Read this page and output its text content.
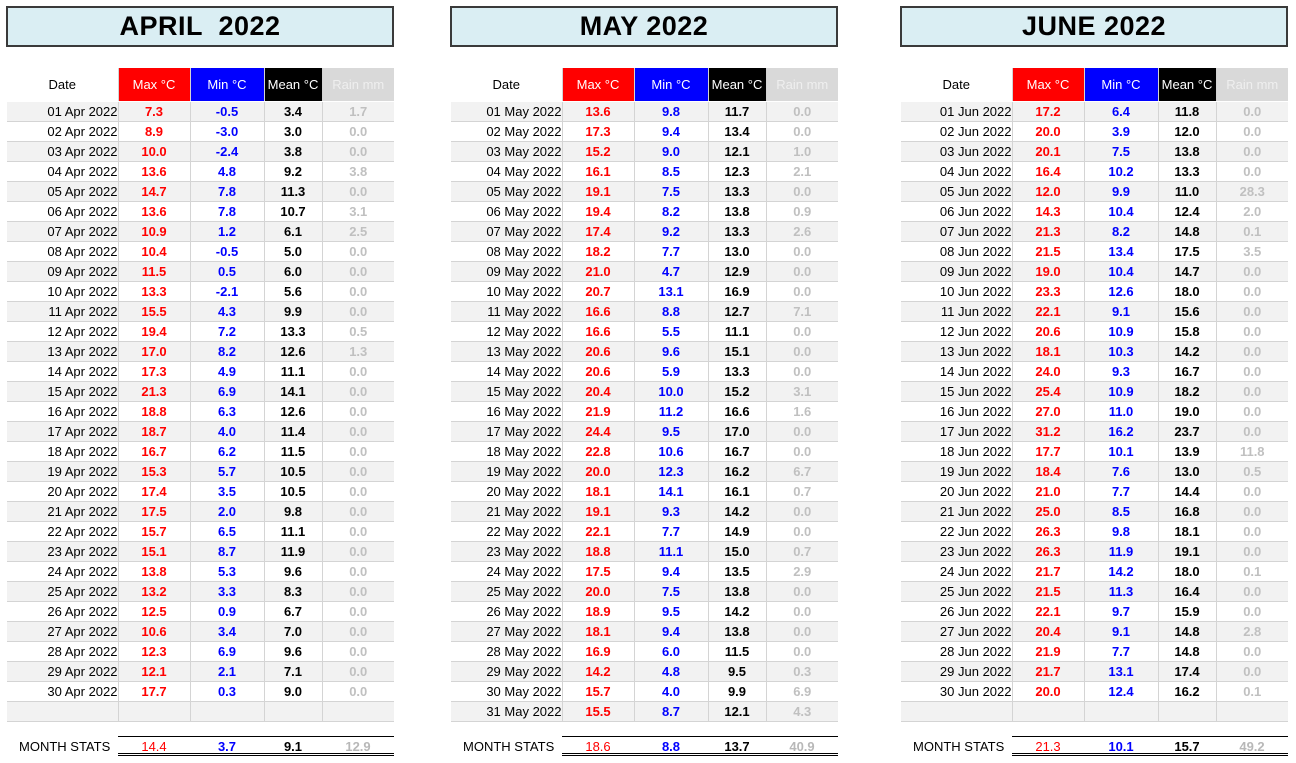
APRIL  2022
Date	Max °C	Min °C	Mean °C	Rain mm
01 Apr 2022	7.3	-0.5	3.4	1.7
02 Apr 2022	8.9	-3.0	3.0	0.0
03 Apr 2022	10.0	-2.4	3.8	0.0
04 Apr 2022	13.6	4.8	9.2	3.8
05 Apr 2022	14.7	7.8	11.3	0.0
06 Apr 2022	13.6	7.8	10.7	3.1
07 Apr 2022	10.9	1.2	6.1	2.5
08 Apr 2022	10.4	-0.5	5.0	0.0
09 Apr 2022	11.5	0.5	6.0	0.0
10 Apr 2022	13.3	-2.1	5.6	0.0
11 Apr 2022	15.5	4.3	9.9	0.0
12 Apr 2022	19.4	7.2	13.3	0.5
13 Apr 2022	17.0	8.2	12.6	1.3
14 Apr 2022	17.3	4.9	11.1	0.0
15 Apr 2022	21.3	6.9	14.1	0.0
16 Apr 2022	18.8	6.3	12.6	0.0
17 Apr 2022	18.7	4.0	11.4	0.0
18 Apr 2022	16.7	6.2	11.5	0.0
19 Apr 2022	15.3	5.7	10.5	0.0
20 Apr 2022	17.4	3.5	10.5	0.0
21 Apr 2022	17.5	2.0	9.8	0.0
22 Apr 2022	15.7	6.5	11.1	0.0
23 Apr 2022	15.1	8.7	11.9	0.0
24 Apr 2022	13.8	5.3	9.6	0.0
25 Apr 2022	13.2	3.3	8.3	0.0
26 Apr 2022	12.5	0.9	6.7	0.0
27 Apr 2022	10.6	3.4	7.0	0.0
28 Apr 2022	12.3	6.9	9.6	0.0
29 Apr 2022	12.1	2.1	7.1	0.0
30 Apr 2022	17.7	0.3	9.0	0.0

MONTH STATS	14.4	3.7	9.1	12.9
MAY 2022
Date	Max °C	Min °C	Mean °C	Rain mm
01 May 2022	13.6	9.8	11.7	0.0
02 May 2022	17.3	9.4	13.4	0.0
03 May 2022	15.2	9.0	12.1	1.0
04 May 2022	16.1	8.5	12.3	2.1
05 May 2022	19.1	7.5	13.3	0.0
06 May 2022	19.4	8.2	13.8	0.9
07 May 2022	17.4	9.2	13.3	2.6
08 May 2022	18.2	7.7	13.0	0.0
09 May 2022	21.0	4.7	12.9	0.0
10 May 2022	20.7	13.1	16.9	0.0
11 May 2022	16.6	8.8	12.7	7.1
12 May 2022	16.6	5.5	11.1	0.0
13 May 2022	20.6	9.6	15.1	0.0
14 May 2022	20.6	5.9	13.3	0.0
15 May 2022	20.4	10.0	15.2	3.1
16 May 2022	21.9	11.2	16.6	1.6
17 May 2022	24.4	9.5	17.0	0.0
18 May 2022	22.8	10.6	16.7	0.0
19 May 2022	20.0	12.3	16.2	6.7
20 May 2022	18.1	14.1	16.1	0.7
21 May 2022	19.1	9.3	14.2	0.0
22 May 2022	22.1	7.7	14.9	0.0
23 May 2022	18.8	11.1	15.0	0.7
24 May 2022	17.5	9.4	13.5	2.9
25 May 2022	20.0	7.5	13.8	0.0
26 May 2022	18.9	9.5	14.2	0.0
27 May 2022	18.1	9.4	13.8	0.0
28 May 2022	16.9	6.0	11.5	0.0
29 May 2022	14.2	4.8	9.5	0.3
30 May 2022	15.7	4.0	9.9	6.9
31 May 2022	15.5	8.7	12.1	4.3
MONTH STATS	18.6	8.8	13.7	40.9
JUNE 2022
Date	Max °C	Min °C	Mean °C	Rain mm
01 Jun 2022	17.2	6.4	11.8	0.0
02 Jun 2022	20.0	3.9	12.0	0.0
03 Jun 2022	20.1	7.5	13.8	0.0
04 Jun 2022	16.4	10.2	13.3	0.0
05 Jun 2022	12.0	9.9	11.0	28.3
06 Jun 2022	14.3	10.4	12.4	2.0
07 Jun 2022	21.3	8.2	14.8	0.1
08 Jun 2022	21.5	13.4	17.5	3.5
09 Jun 2022	19.0	10.4	14.7	0.0
10 Jun 2022	23.3	12.6	18.0	0.0
11 Jun 2022	22.1	9.1	15.6	0.0
12 Jun 2022	20.6	10.9	15.8	0.0
13 Jun 2022	18.1	10.3	14.2	0.0
14 Jun 2022	24.0	9.3	16.7	0.0
15 Jun 2022	25.4	10.9	18.2	0.0
16 Jun 2022	27.0	11.0	19.0	0.0
17 Jun 2022	31.2	16.2	23.7	0.0
18 Jun 2022	17.7	10.1	13.9	11.8
19 Jun 2022	18.4	7.6	13.0	0.5
20 Jun 2022	21.0	7.7	14.4	0.0
21 Jun 2022	25.0	8.5	16.8	0.0
22 Jun 2022	26.3	9.8	18.1	0.0
23 Jun 2022	26.3	11.9	19.1	0.0
24 Jun 2022	21.7	14.2	18.0	0.1
25 Jun 2022	21.5	11.3	16.4	0.0
26 Jun 2022	22.1	9.7	15.9	0.0
27 Jun 2022	20.4	9.1	14.8	2.8
28 Jun 2022	21.9	7.7	14.8	0.0
29 Jun 2022	21.7	13.1	17.4	0.0
30 Jun 2022	20.0	12.4	16.2	0.1

MONTH STATS	21.3	10.1	15.7	49.2
